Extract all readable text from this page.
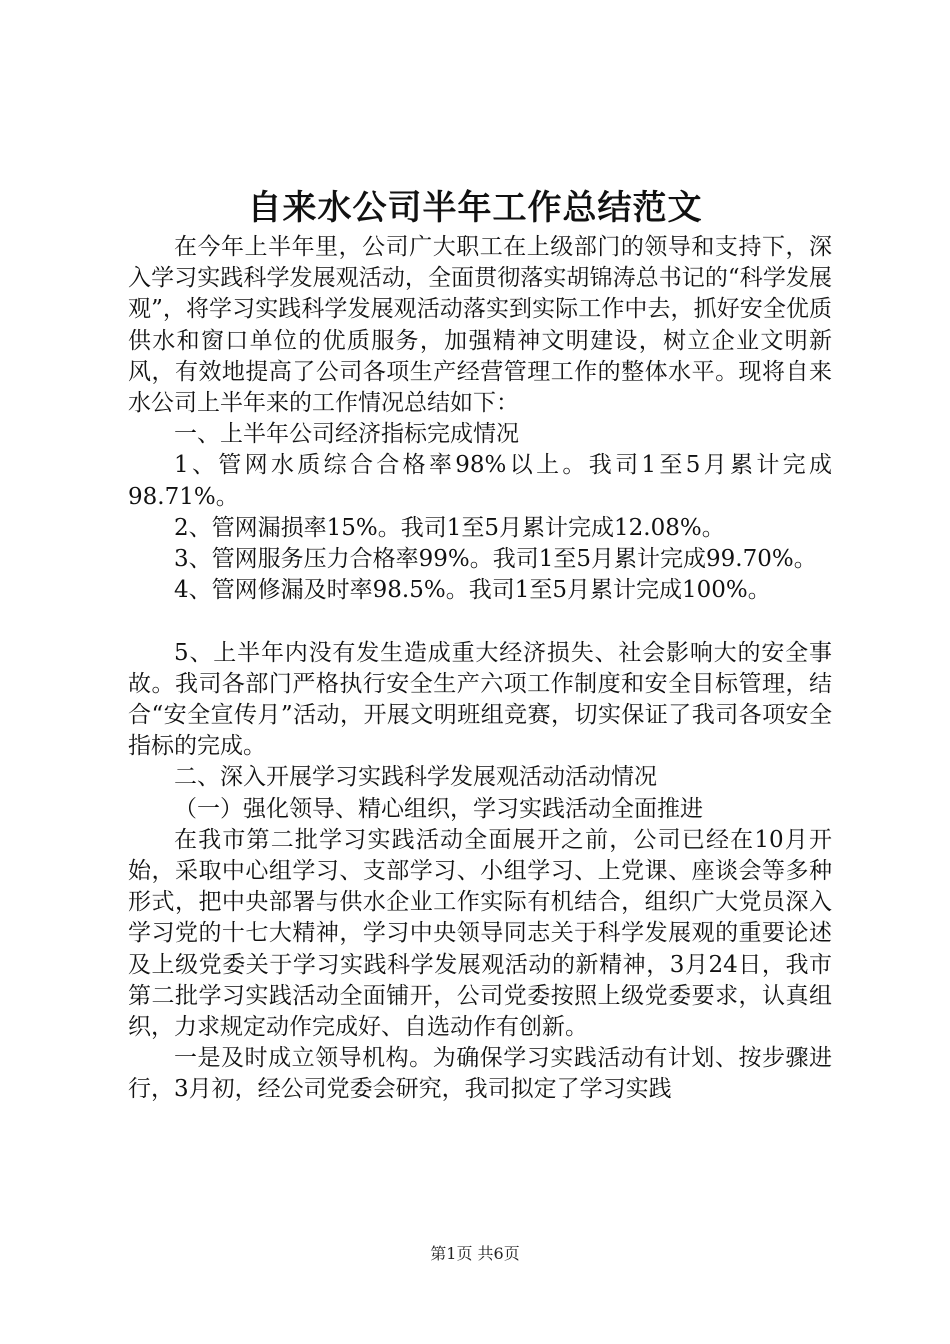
自来水公司半年工作总结范文

在今年上半年里，公司广大职工在上级部门的领导和支持下，深入学习实践科学发展观活动，全面贯彻落实胡锦涛总书记的“科学发展观”，将学习实践科学发展观活动落实到实际工作中去，抓好安全优质供水和窗口单位的优质服务，加强精神文明建设，树立企业文明新风，有效地提高了公司各项生产经营管理工作的整体水平。现将自来水公司上半年来的工作情况总结如下：

一、上半年公司经济指标完成情况

1、管网水质综合合格率98%以上。我司1至5月累计完成98.71%。

2、管网漏损率15%。我司1至5月累计完成12.08%。

3、管网服务压力合格率99%。我司1至5月累计完成99.70%。

4、管网修漏及时率98.5%。我司1至5月累计完成100%。

5、上半年内没有发生造成重大经济损失、社会影响大的安全事故。我司各部门严格执行安全生产六项工作制度和安全目标管理，结合“安全宣传月”活动，开展文明班组竞赛，切实保证了我司各项安全指标的完成。

二、深入开展学习实践科学发展观活动活动情况

（一）强化领导、精心组织，学习实践活动全面推进

在我市第二批学习实践活动全面展开之前，公司已经在10月开始，采取中心组学习、支部学习、小组学习、上党课、座谈会等多种形式，把中央部署与供水企业工作实际有机结合，组织广大党员深入学习党的十七大精神，学习中央领导同志关于科学发展观的重要论述及上级党委关于学习实践科学发展观活动的新精神，3月24日，我市第二批学习实践活动全面铺开，公司党委按照上级党委要求，认真组织，力求规定动作完成好、自选动作有创新。

一是及时成立领导机构。为确保学习实践活动有计划、按步骤进行，3月初，经公司党委会研究，我司拟定了学习实践

第1页 共6页
